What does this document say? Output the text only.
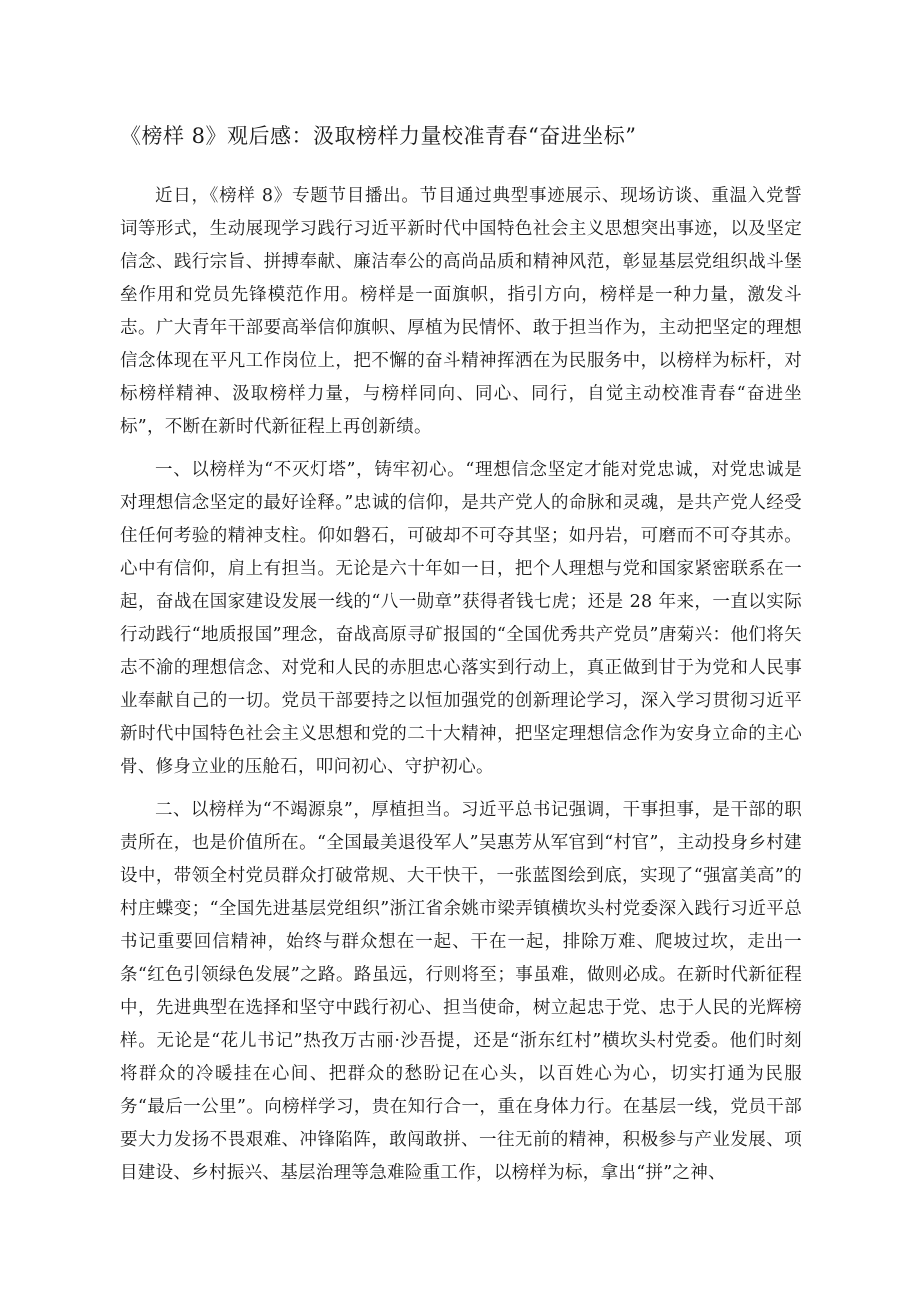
《榜样 8》观后感：汲取榜样力量校准青春“奋进坐标”

近日，《榜样 8》专题节目播出。节目通过典型事迹展示、现场访谈、重温入党誓词等形式，生动展现学习践行习近平新时代中国特色社会主义思想突出事迹，以及坚定信念、践行宗旨、拼搏奉献、廉洁奉公的高尚品质和精神风范，彰显基层党组织战斗堡垒作用和党员先锋模范作用。榜样是一面旗帜，指引方向，榜样是一种力量，激发斗志。广大青年干部要高举信仰旗帜、厚植为民情怀、敢于担当作为，主动把坚定的理想信念体现在平凡工作岗位上，把不懈的奋斗精神挥洒在为民服务中，以榜样为标杆，对标榜样精神、汲取榜样力量，与榜样同向、同心、同行，自觉主动校准青春“奋进坐标”，不断在新时代新征程上再创新绩。

一、以榜样为“不灭灯塔”，铸牢初心。“理想信念坚定才能对党忠诚，对党忠诚是对理想信念坚定的最好诠释。”忠诚的信仰，是共产党人的命脉和灵魂，是共产党人经受住任何考验的精神支柱。仰如磐石，可破却不可夺其坚；如丹岩，可磨而不可夺其赤。心中有信仰，肩上有担当。无论是六十年如一日，把个人理想与党和国家紧密联系在一起，奋战在国家建设发展一线的“八一勋章”获得者钱七虎；还是 28 年来，一直以实际行动践行“地质报国”理念，奋战高原寻矿报国的“全国优秀共产党员”唐菊兴：他们将矢志不渝的理想信念、对党和人民的赤胆忠心落实到行动上，真正做到甘于为党和人民事业奉献自己的一切。党员干部要持之以恒加强党的创新理论学习，深入学习贯彻习近平新时代中国特色社会主义思想和党的二十大精神，把坚定理想信念作为安身立命的主心骨、修身立业的压舱石，叩问初心、守护初心。

二、以榜样为“不竭源泉”，厚植担当。习近平总书记强调，干事担事，是干部的职责所在，也是价值所在。“全国最美退役军人”吴惠芳从军官到“村官”，主动投身乡村建设中，带领全村党员群众打破常规、大干快干，一张蓝图绘到底，实现了“强富美高”的村庄蝶变；“全国先进基层党组织”浙江省余姚市梁弄镇横坎头村党委深入践行习近平总书记重要回信精神，始终与群众想在一起、干在一起，排除万难、爬坡过坎，走出一条“红色引领绿色发展”之路。路虽远，行则将至；事虽难，做则必成。在新时代新征程中，先进典型在选择和坚守中践行初心、担当使命，树立起忠于党、忠于人民的光辉榜样。无论是“花儿书记”热孜万古丽·沙吾提，还是“浙东红村”横坎头村党委。他们时刻将群众的冷暖挂在心间、把群众的愁盼记在心头，以百姓心为心，切实打通为民服务“最后一公里”。向榜样学习，贵在知行合一，重在身体力行。在基层一线，党员干部要大力发扬不畏艰难、冲锋陷阵，敢闯敢拼、一往无前的精神，积极参与产业发展、项目建设、乡村振兴、基层治理等急难险重工作，以榜样为标，拿出“拼”之神、
